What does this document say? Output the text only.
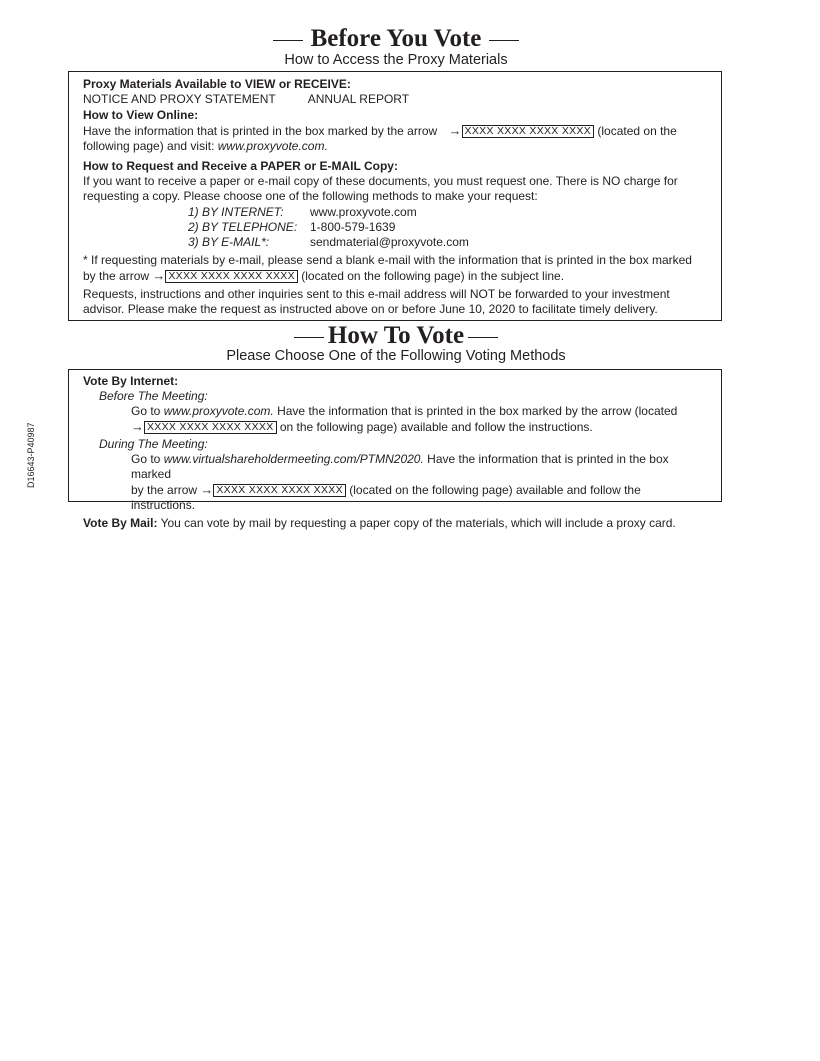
Before You Vote
How to Access the Proxy Materials

Proxy Materials Available to VIEW or RECEIVE:

NOTICE AND PROXY STATEMENT	ANNUAL REPORT

How to View Online:

Have the information that is printed in the box marked by the arrow → XXXX XXXX XXXX XXXX (located on the
following page) and visit: www.proxyvote.com.

How to Request and Receive a PAPER or E-MAIL Copy:

If you want to receive a paper or e-mail copy of these documents, you must request one. There is NO charge for
requesting a copy. Please choose one of the following methods to make your request:

1) BY INTERNET:	www.proxyvote.com
2) BY TELEPHONE:	1-800-579-1639
3) BY E-MAIL*:	sendmaterial@proxyvote.com

* If requesting materials by e-mail, please send a blank e-mail with the information that is printed in the box marked
by the arrow → XXXX XXXX XXXX XXXX (located on the following page) in the subject line.

Requests, instructions and other inquiries sent to this e-mail address will NOT be forwarded to your investment
advisor. Please make the request as instructed above on or before June 10, 2020 to facilitate timely delivery.

How To Vote
Please Choose One of the Following Voting Methods

Vote By Internet:

Before The Meeting:

Go to www.proxyvote.com. Have the information that is printed in the box marked by the arrow (located
→ XXXX XXXX XXXX XXXX on the following page) available and follow the instructions.

During The Meeting:

Go to www.virtualshareholdermeeting.com/PTMN2020. Have the information that is printed in the box marked
by the arrow → XXXX XXXX XXXX XXXX (located on the following page) available and follow the instructions.

Vote By Mail: You can vote by mail by requesting a paper copy of the materials, which will include a proxy card.

D16643-P40987
